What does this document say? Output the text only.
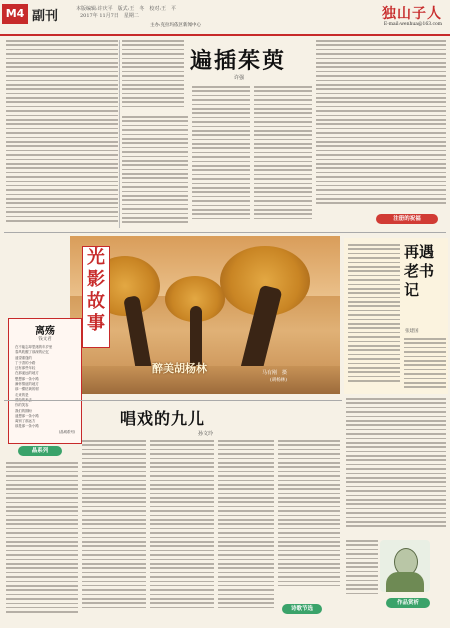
M4 副刊	本版编辑:许庆平　版式:王　冬　校对:王　平
2017年 11月7日　星期二
主办:克拉玛依区新闻中心
独山子人
E-mail:wenhua@163.com
遍插茱萸
许强
注册的祝福
醉美胡杨林	马有刚　摄
(胡杨林)
光影故事
离殇
钱文君
在不能忘却思绪的年岁里
春风吹醒了那深的记忆
遥望重逢的
丁子香的小路
还有那些年轻
在那遥远的地方
想想那一条小路
满怀情谊的地方
那一棵枯黄的树
走来的是
曾经的来去
你的笑容
我们的期盼
遥想那一条小路
离别了那远方
那是那一条小路
(晶城系列)
晶系列
再遇老书记
张建国
作品赏析
唱戏的九儿
孙文玲
诗歌节选
